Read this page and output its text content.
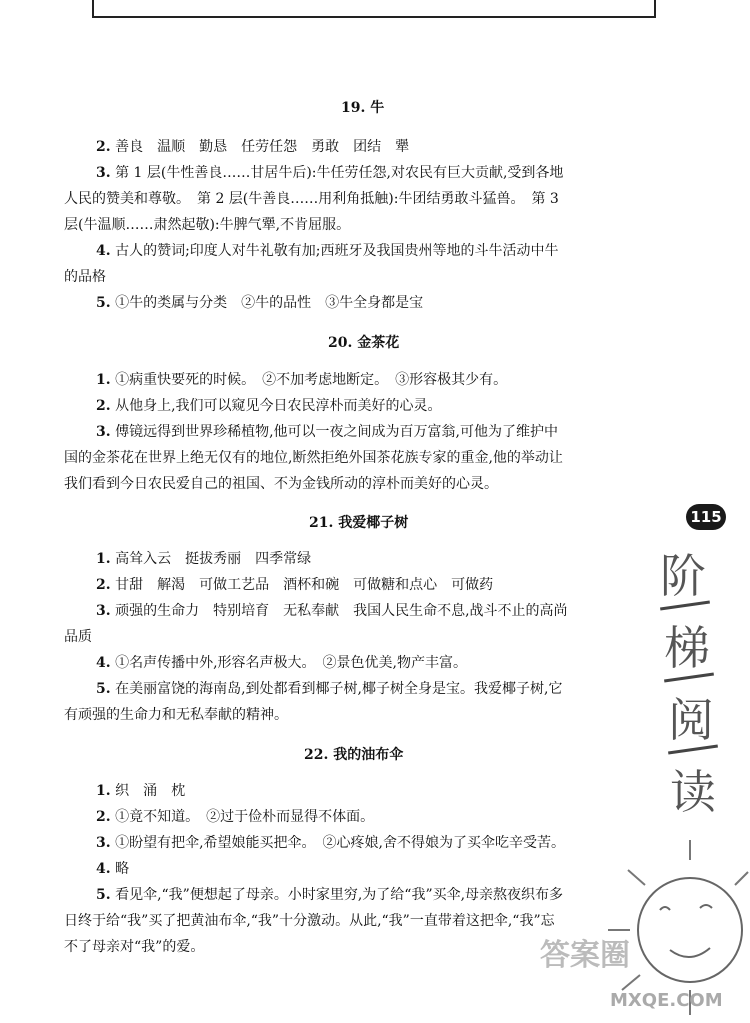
19. 牛
2. 善良　温顺　勤恳　任劳任怨　勇敢　团结　犟
3. 第 1 层(牛性善良……甘居牛后):牛任劳任怨,对农民有巨大贡献,受到各地
人民的赞美和尊敬。　第 2 层(牛善良……用利角抵触):牛团结勇敢斗猛兽。　第 3
层(牛温顺……肃然起敬):牛脾气犟,不肯屈服。
4. 古人的赞词;印度人对牛礼敬有加;西班牙及我国贵州等地的斗牛活动中牛
的品格
5. ①牛的类属与分类　②牛的品性　③牛全身都是宝
20. 金茶花
1. ①病重快要死的时候。　②不加考虑地断定。　③形容极其少有。
2. 从他身上,我们可以窥见今日农民淳朴而美好的心灵。
3. 傅镜远得到世界珍稀植物,他可以一夜之间成为百万富翁,可他为了维护中
国的金茶花在世界上绝无仅有的地位,断然拒绝外国茶花族专家的重金,他的举动让
我们看到今日农民爱自己的祖国、不为金钱所动的淳朴而美好的心灵。
21. 我爱椰子树
1. 高耸入云　挺拔秀丽　四季常绿
2. 甘甜　解渴　可做工艺品　酒杯和碗　可做糖和点心　可做药
3. 顽强的生命力　特别培育　无私奉献　我国人民生命不息,战斗不止的高尚
品质
4. ①名声传播中外,形容名声极大。　②景色优美,物产丰富。
5. 在美丽富饶的海南岛,到处都看到椰子树,椰子树全身是宝。我爱椰子树,它
有顽强的生命力和无私奉献的精神。
22. 我的油布伞
1. 织　涌　枕
2. ①竟不知道。　②过于俭朴而显得不体面。
3. ①盼望有把伞,希望娘能买把伞。　②心疼娘,舍不得娘为了买伞吃辛受苦。
4. 略
5. 看见伞,“我”便想起了母亲。小时家里穷,为了给“我”买伞,母亲熬夜织布多
日终于给“我”买了把黄油布伞,“我”十分激动。从此,“我”一直带着这把伞,“我”忘
不了母亲对“我”的爱。
115
阶
梯
阅
读
答案圈
MXQE.COM
